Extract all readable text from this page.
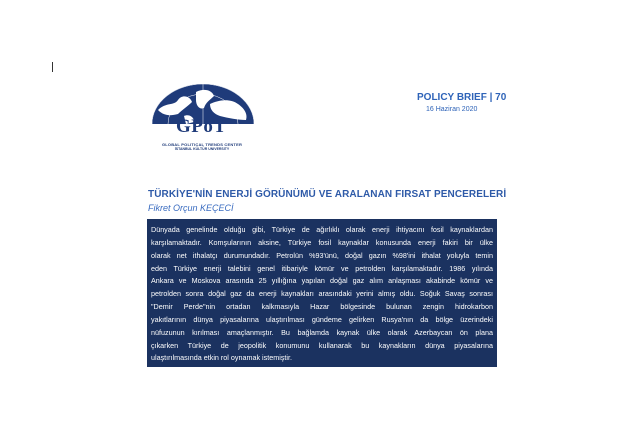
GPoT
GLOBAL POLITICAL TRENDS CENTER
İSTANBUL KÜLTÜR UNIVERSITY
POLICY BRIEF | 70
16 Haziran 2020
TÜRKİYE'NİN ENERJİ GÖRÜNÜMÜ VE ARALANAN FIRSAT PENCERELERİ
Fikret Orçun KEÇECİ

Dünyada genelinde olduğu gibi, Türkiye de ağırlıklı olarak enerji ihtiyacını fosil kaynaklardan
karşılamaktadır. Komşularının aksine, Türkiye fosil kaynaklar konusunda enerji fakiri bir ülke
olarak net ithalatçı durumundadır. Petrolün %93'ünü, doğal gazın %98'ini ithalat yoluyla temin
eden Türkiye enerji talebini genel itibariyle kömür ve petrolden karşılamaktadır. 1986 yılında
Ankara ve Moskova arasında 25 yıllığına yapılan doğal gaz alım anlaşması akabinde kömür ve
petrolden sonra doğal gaz da enerji kaynakları arasındaki yerini almış oldu. Soğuk Savaş sonrası
"Demir Perde"nin ortadan kalkmasıyla Hazar bölgesinde bulunan zengin hidrokarbon
yakıtlarının dünya piyasalarına ulaştırılması gündeme gelirken Rusya'nın da bölge üzerindeki
nüfuzunun kırılması amaçlanmıştır. Bu bağlamda kaynak ülke olarak Azerbaycan ön plana
çıkarken Türkiye de jeopolitik konumunu kullanarak bu kaynakların dünya piyasalarına
ulaştırılmasında etkin rol oynamak istemiştir.
